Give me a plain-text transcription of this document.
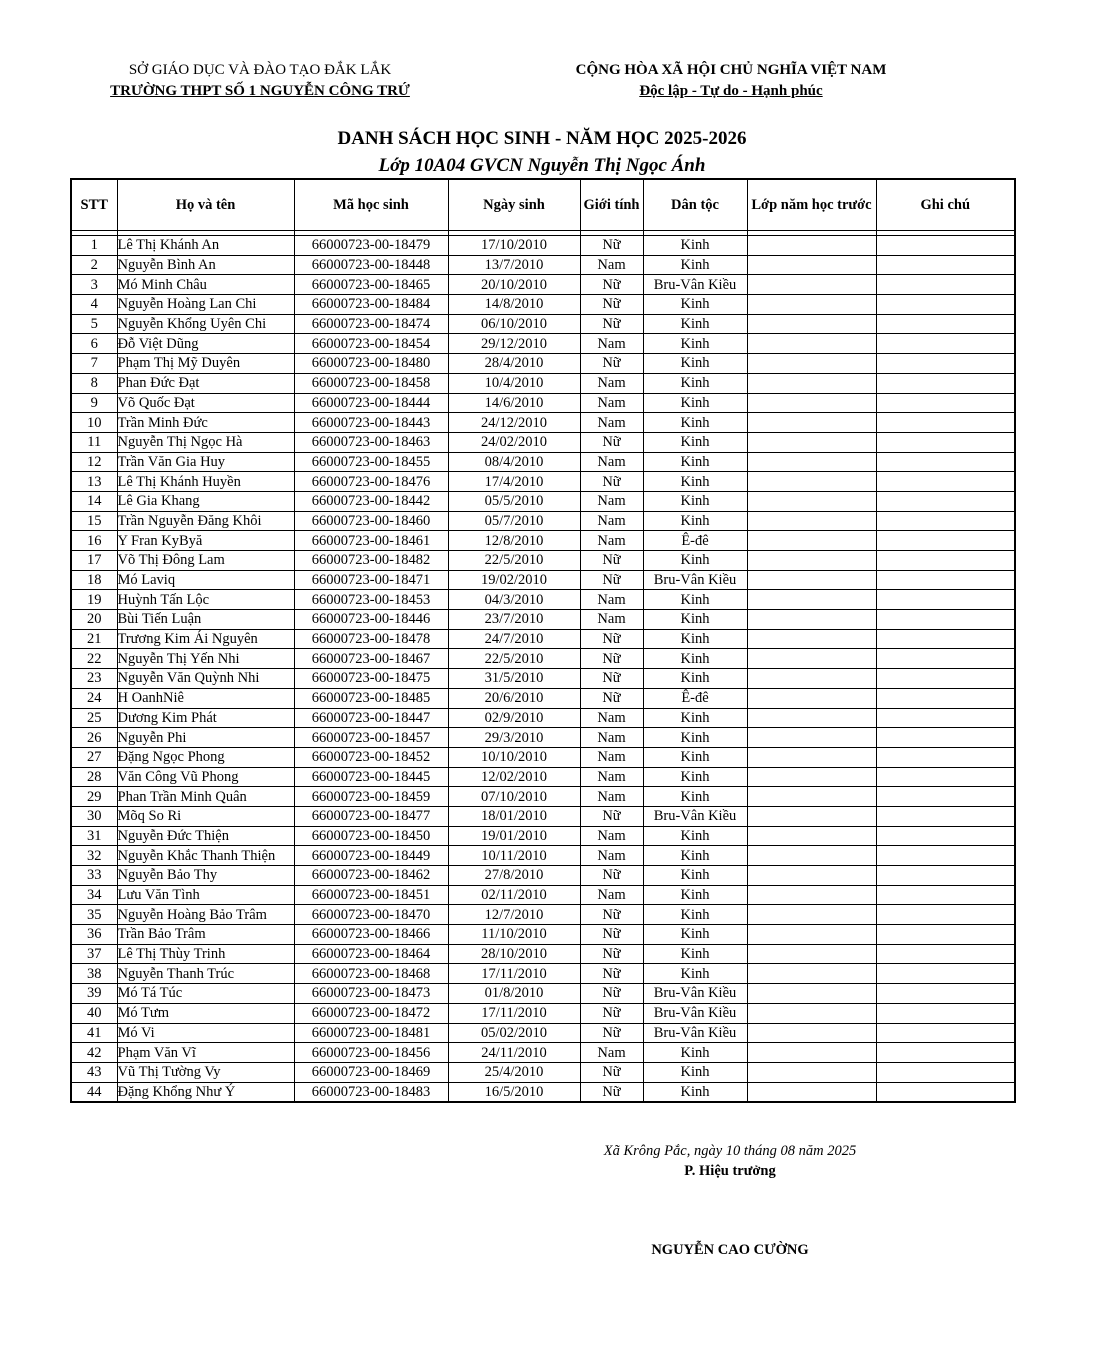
SỞ GIÁO DỤC VÀ ĐÀO TẠO ĐẮK LẮK
TRƯỜNG THPT SỐ 1 NGUYỄN CÔNG TRỨ
CỘNG HÒA XÃ HỘI CHỦ NGHĨA VIỆT NAM
Độc lập - Tự do - Hạnh phúc
DANH SÁCH HỌC SINH - NĂM HỌC 2025-2026
Lớp 10A04 GVCN Nguyễn Thị Ngọc Ánh
STT	Họ và tên	Mã học sinh	Ngày sinh	Giới tính	Dân tộc	Lớp năm học trước	Ghi chú

1	Lê Thị Khánh An	66000723-00-18479	17/10/2010	Nữ	Kinh		
2	Nguyễn Bình An	66000723-00-18448	13/7/2010	Nam	Kinh		
3	Mó Minh Châu	66000723-00-18465	20/10/2010	Nữ	Bru-Vân Kiều		
4	Nguyễn Hoàng Lan Chi	66000723-00-18484	14/8/2010	Nữ	Kinh		
5	Nguyễn Khổng Uyên Chi	66000723-00-18474	06/10/2010	Nữ	Kinh		
6	Đỗ Việt Dũng	66000723-00-18454	29/12/2010	Nam	Kinh		
7	Phạm Thị Mỹ Duyên	66000723-00-18480	28/4/2010	Nữ	Kinh		
8	Phan Đức Đạt	66000723-00-18458	10/4/2010	Nam	Kinh		
9	Võ Quốc Đạt	66000723-00-18444	14/6/2010	Nam	Kinh		
10	Trần Minh Đức	66000723-00-18443	24/12/2010	Nam	Kinh		
11	Nguyễn Thị Ngọc Hà	66000723-00-18463	24/02/2010	Nữ	Kinh		
12	Trần Văn Gia Huy	66000723-00-18455	08/4/2010	Nam	Kinh		
13	Lê Thị Khánh Huyền	66000723-00-18476	17/4/2010	Nữ	Kinh		
14	Lê Gia Khang	66000723-00-18442	05/5/2010	Nam	Kinh		
15	Trần Nguyễn Đăng Khôi	66000723-00-18460	05/7/2010	Nam	Kinh		
16	Y Fran KyByă	66000723-00-18461	12/8/2010	Nam	Ê-đê		
17	Võ Thị Đông Lam	66000723-00-18482	22/5/2010	Nữ	Kinh		
18	Mó Laviq	66000723-00-18471	19/02/2010	Nữ	Bru-Vân Kiều		
19	Huỳnh Tấn Lộc	66000723-00-18453	04/3/2010	Nam	Kinh		
20	Bùi Tiến Luận	66000723-00-18446	23/7/2010	Nam	Kinh		
21	Trương Kim Ái Nguyên	66000723-00-18478	24/7/2010	Nữ	Kinh		
22	Nguyễn Thị Yến Nhi	66000723-00-18467	22/5/2010	Nữ	Kinh		
23	Nguyễn Văn Quỳnh Nhi	66000723-00-18475	31/5/2010	Nữ	Kinh		
24	H OanhNiê	66000723-00-18485	20/6/2010	Nữ	Ê-đê		
25	Dương Kim Phát	66000723-00-18447	02/9/2010	Nam	Kinh		
26	Nguyễn Phi	66000723-00-18457	29/3/2010	Nam	Kinh		
27	Đặng Ngọc Phong	66000723-00-18452	10/10/2010	Nam	Kinh		
28	Văn Công Vũ Phong	66000723-00-18445	12/02/2010	Nam	Kinh		
29	Phan Trần Minh Quân	66000723-00-18459	07/10/2010	Nam	Kinh		
30	Mõq So Ri	66000723-00-18477	18/01/2010	Nữ	Bru-Vân Kiều		
31	Nguyễn Đức Thiện	66000723-00-18450	19/01/2010	Nam	Kinh		
32	Nguyễn Khắc Thanh Thiện	66000723-00-18449	10/11/2010	Nam	Kinh		
33	Nguyễn Bảo Thy	66000723-00-18462	27/8/2010	Nữ	Kinh		
34	Lưu Văn Tình	66000723-00-18451	02/11/2010	Nam	Kinh		
35	Nguyễn Hoàng Bảo Trâm	66000723-00-18470	12/7/2010	Nữ	Kinh		
36	Trần Bảo Trâm	66000723-00-18466	11/10/2010	Nữ	Kinh		
37	Lê Thị Thùy Trinh	66000723-00-18464	28/10/2010	Nữ	Kinh		
38	Nguyễn Thanh Trúc	66000723-00-18468	17/11/2010	Nữ	Kinh		
39	Mó Tá Túc	66000723-00-18473	01/8/2010	Nữ	Bru-Vân Kiều		
40	Mó Tưm	66000723-00-18472	17/11/2010	Nữ	Bru-Vân Kiều		
41	Mó Vi	66000723-00-18481	05/02/2010	Nữ	Bru-Vân Kiều		
42	Phạm Văn Vĩ	66000723-00-18456	24/11/2010	Nam	Kinh		
43	Vũ Thị Tường Vy	66000723-00-18469	25/4/2010	Nữ	Kinh		
44	Đặng Khổng Như Ý	66000723-00-18483	16/5/2010	Nữ	Kinh		
Xã Krông Pắc, ngày 10 tháng 08 năm 2025
P. Hiệu trưởng
NGUYỄN CAO CƯỜNG
